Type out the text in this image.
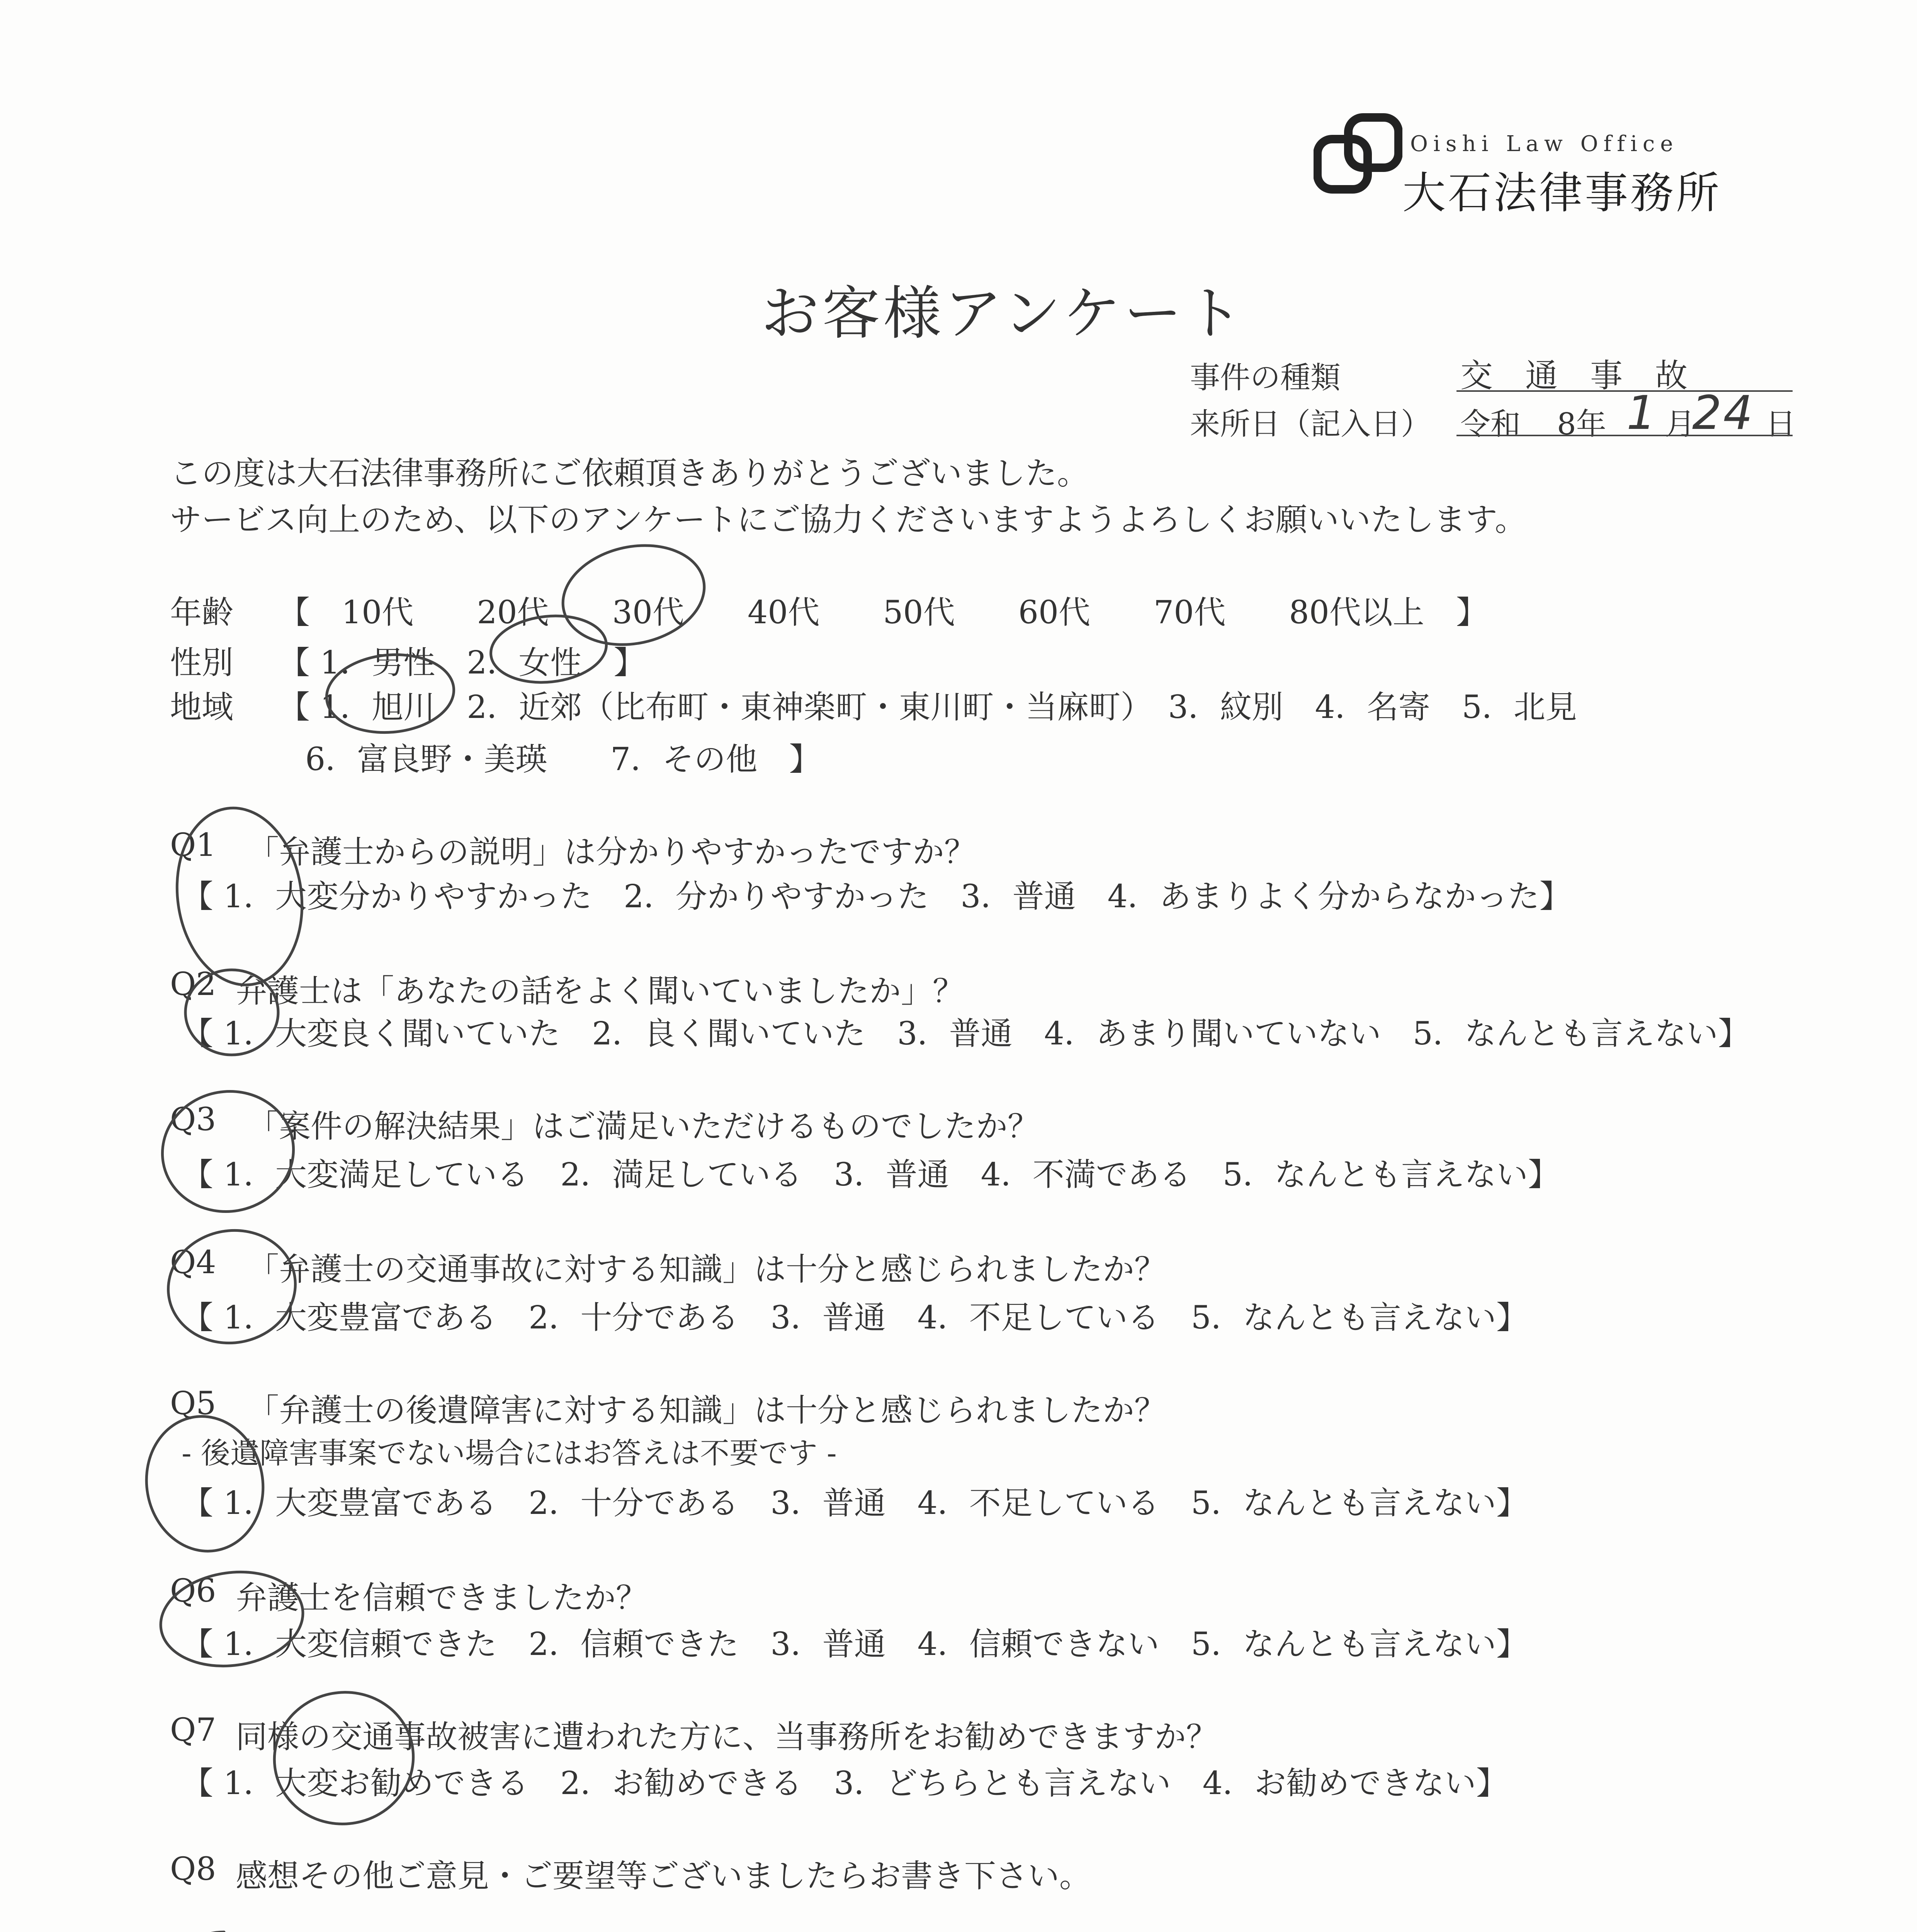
Oishi Law Office
大石法律事務所
お客様アンケート
事件の種類	交　通　事　故
来所日（記入日） 令和 8年 1 月
24 日
この度は大石法律事務所にご依頼頂きありがとうございました。
サービス向上のため、以下のアンケートにご協力くださいますようよろしくお願いいたします。
年齢 【　10代　　20代　　30代　　40代　　50代　　60代　　70代　　80代以上　】
性別 【 1．男性　2．女性　】
地域 【 1．旭川　2．近郊（比布町・東神楽町・東川町・当麻町）　3．紋別　4．名寄　5．北見
6．富良野・美瑛　　7．その他　】
Q1 「弁護士からの説明」は分かりやすかったですか？
【 1．大変分かりやすかった　2．分かりやすかった　3．普通　4．あまりよく分からなかった】
Q2 弁護士は「あなたの話をよく聞いていましたか」？
【 1．大変良く聞いていた　2．良く聞いていた　3．普通　4．あまり聞いていない　5．なんとも言えない】
Q3 「案件の解決結果」はご満足いただけるものでしたか？
【 1．大変満足している　2．満足している　3．普通　4．不満である　5．なんとも言えない】
Q4 「弁護士の交通事故に対する知識」は十分と感じられましたか？
【 1．大変豊富である　2．十分である　3．普通　4．不足している　5．なんとも言えない】
Q5 「弁護士の後遺障害に対する知識」は十分と感じられましたか？
- 後遺障害事案でない場合にはお答えは不要です -
【 1．大変豊富である　2．十分である　3．普通　4．不足している　5．なんとも言えない】
Q6 弁護士を信頼できましたか？
【 1．大変信頼できた　2．信頼できた　3．普通　4．信頼できない　5．なんとも言えない】
Q7 同様の交通事故被害に遭われた方に、当事務所をお勧めできますか？
【 1．大変お勧めできる　2．お勧めできる　3．どちらとも言えない　4．お勧めできない】
Q8 感想その他ご意見・ご要望等ございましたらお書き下さい。
